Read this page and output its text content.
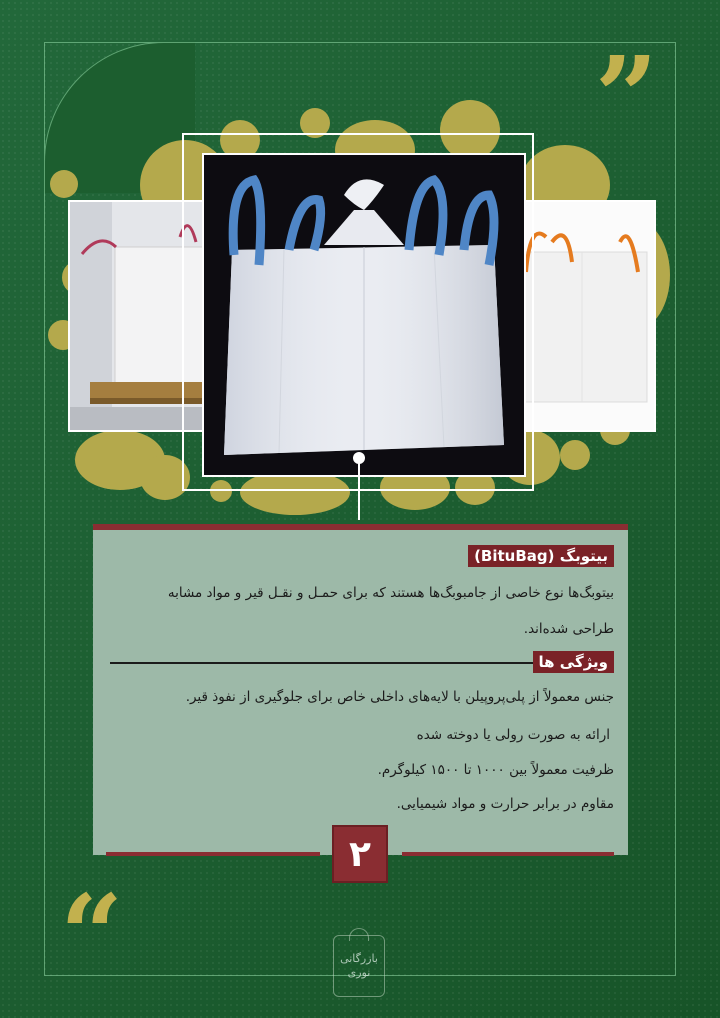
”
“
بیتوبگ (BituBag)
بیتوبگ‌ها نوع خاصی از جامبوبگ‌ها هستند که برای حمـل و نقـل قیر و مواد مشابه
طراحی شده‌اند.
ویژگی ها
جنس معمولاً از پلی‌پروپیلن با لایه‌های داخلی خاص برای جلوگیری از نفوذ قیر.
ارائه به صورت رولی یا دوخته شده
ظرفیت معمولاً بین ۱۰۰۰ تا ۱۵۰۰ کیلوگرم.
مقاوم در برابر حرارت و مواد شیمیایی.
۲
بازرگانی
نوری
